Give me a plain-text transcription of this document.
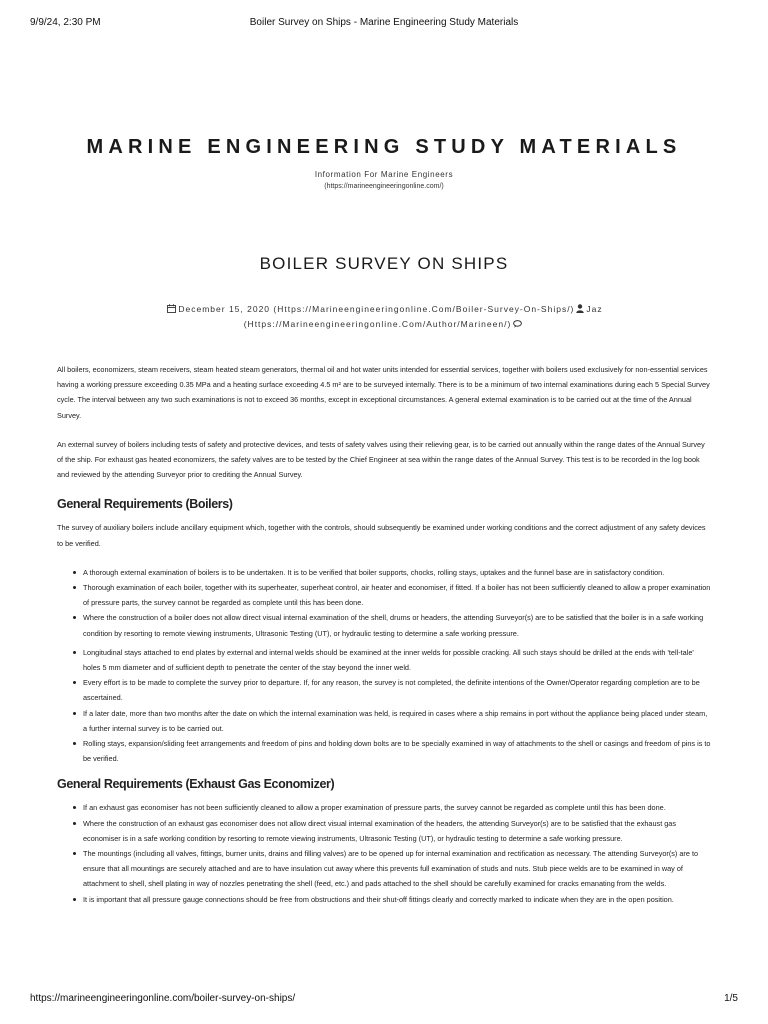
9/9/24, 2:30 PM	Boiler Survey on Ships - Marine Engineering Study Materials
MARINE ENGINEERING STUDY MATERIALS
Information For Marine Engineers
(https://marineengineeringonline.com/)
BOILER SURVEY ON SHIPS
December 15, 2020 (Https://Marineengineeringonline.Com/Boiler-Survey-On-Ships/) Jaz
(Https://Marineengineeringonline.Com/Author/Marineen/)

All boilers, economizers, steam receivers, steam heated steam generators, thermal oil and hot water units intended for essential services, together with boilers used exclusively for non-essential services having a working pressure exceeding 0.35 MPa and a heating surface exceeding 4.5 m² are to be surveyed internally. There is to be a minimum of two internal examinations during each 5 Special Survey cycle. The interval between any two such examinations is not to exceed 36 months, except in exceptional circumstances. A general external examination is to be carried out at the time of the Annual Survey.

An external survey of boilers including tests of safety and protective devices, and tests of safety valves using their relieving gear, is to be carried out annually within the range dates of the Annual Survey of the ship. For exhaust gas heated economizers, the safety valves are to be tested by the Chief Engineer at sea within the range dates of the Annual Survey. This test is to be recorded in the log book and reviewed by the attending Surveyor prior to crediting the Annual Survey.

General Requirements (Boilers)

The survey of auxiliary boilers include ancillary equipment which, together with the controls, should subsequently be examined under working conditions and the correct adjustment of any safety devices to be verified.

A thorough external examination of boilers is to be undertaken. It is to be verified that boiler supports, chocks, rolling stays, uptakes and the funnel base are in satisfactory condition.
Thorough examination of each boiler, together with its superheater, superheat control, air heater and economiser, if fitted. If a boiler has not been sufficiently cleaned to allow a proper examination of pressure parts, the survey cannot be regarded as complete until this has been done.
Where the construction of a boiler does not allow direct visual internal examination of the shell, drums or headers, the attending Surveyor(s) are to be satisfied that the boiler is in a safe working condition by resorting to remote viewing instruments, Ultrasonic Testing (UT), or hydraulic testing to determine a safe working pressure.
Longitudinal stays attached to end plates by external and internal welds should be examined at the inner welds for possible cracking. All such stays should be drilled at the ends with 'tell-tale' holes 5 mm diameter and of sufficient depth to penetrate the center of the stay beyond the inner weld.
Every effort is to be made to complete the survey prior to departure. If, for any reason, the survey is not completed, the definite intentions of the Owner/Operator regarding completion are to be ascertained.
If a later date, more than two months after the date on which the internal examination was held, is required in cases where a ship remains in port without the appliance being placed under steam, a further internal survey is to be carried out.
Rolling stays, expansion/sliding feet arrangements and freedom of pins and holding down bolts are to be specially examined in way of attachments to the shell or casings and freedom of pins is to be verified.
General Requirements (Exhaust Gas Economizer)
If an exhaust gas economiser has not been sufficiently cleaned to allow a proper examination of pressure parts, the survey cannot be regarded as complete until this has been done.
Where the construction of an exhaust gas economiser does not allow direct visual internal examination of the headers, the attending Surveyor(s) are to be satisfied that the exhaust gas economiser is in a safe working condition by resorting to remote viewing instruments, Ultrasonic Testing (UT), or hydraulic testing to determine a safe working pressure.
The mountings (including all valves, fittings, burner units, drains and filling valves) are to be opened up for internal examination and rectification as necessary. The attending Surveyor(s) are to ensure that all mountings are securely attached and are to have insulation cut away where this prevents full examination of studs and nuts. Stub piece welds are to be examined in way of attachment to shell, shell plating in way of nozzles penetrating the shell (feed, etc.) and pads attached to the shell should be carefully examined for cracks emanating from the welds.
It is important that all pressure gauge connections should be free from obstructions and their shut-off fittings clearly and correctly marked to indicate when they are in the open position.
https://marineengineeringonline.com/boiler-survey-on-ships/	1/5
